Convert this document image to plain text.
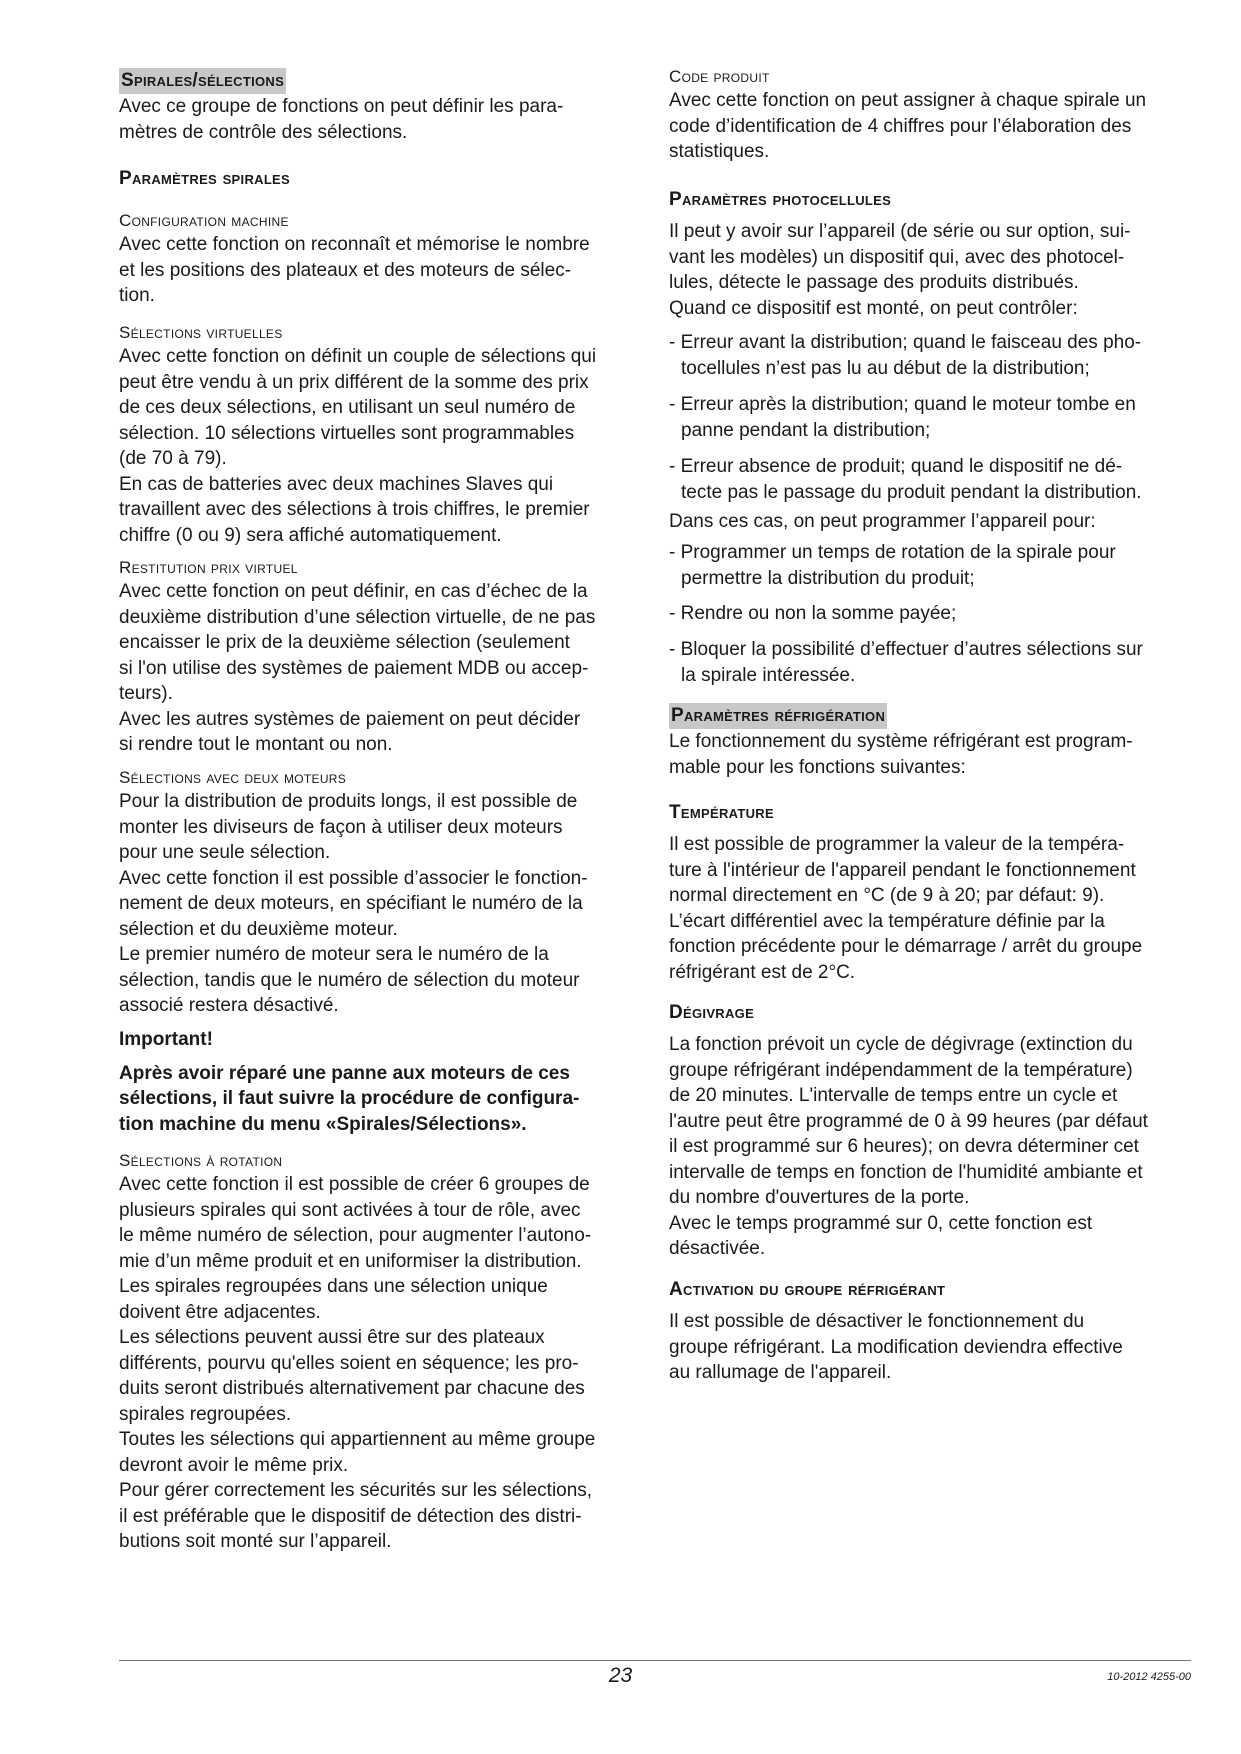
Spirales/sélections

Avec ce groupe de fonctions on peut définir les para-

mètres de contrôle des sélections.

Paramètres spirales
Configuration machine

Avec cette fonction on reconnaît et mémorise le nombre

et les positions des plateaux et des moteurs de sélec-

tion.

Sélections virtuelles

Avec cette fonction on définit un couple de sélections qui

peut être vendu à un prix différent de la somme des prix

de ces deux sélections, en utilisant un seul numéro de

sélection. 10 sélections virtuelles sont programmables

(de 70 à 79).

En cas de batteries avec deux machines Slaves qui

travaillent avec des sélections à trois chiffres, le premier

chiffre (0 ou 9) sera affiché automatiquement.

Restitution prix virtuel

Avec cette fonction on peut définir, en cas d’échec de la

deuxième distribution d’une sélection virtuelle, de ne pas

encaisser le prix de la deuxième sélection (seulement

si l'on utilise des systèmes de paiement MDB ou accep-

teurs).

Avec les autres systèmes de paiement on peut décider

si rendre tout le montant ou non.

Sélections avec deux moteurs

Pour la distribution de produits longs, il est possible de

monter les diviseurs de façon à utiliser deux moteurs

pour une seule sélection.

Avec cette fonction il est possible d’associer le fonction-

nement de deux moteurs, en spécifiant le numéro de la

sélection et du deuxième moteur.

Le premier numéro de moteur sera le numéro de la

sélection, tandis que le numéro de sélection du moteur

associé restera désactivé.

Important!

Après avoir réparé une panne aux moteurs de ces

sélections, il faut suivre la procédure de configura-

tion machine du menu «Spirales/Sélections».

Sélections à rotation

Avec cette fonction il est possible de créer 6 groupes de

plusieurs spirales qui sont activées à tour de rôle, avec

le même numéro de sélection, pour augmenter l’autono-

mie d’un même produit et en uniformiser la distribution.

Les spirales regroupées dans une sélection unique

doivent être adjacentes.

Les sélections peuvent aussi être sur des plateaux

différents, pourvu qu'elles soient en séquence; les pro-

duits seront distribués alternativement par chacune des

spirales regroupées.

Toutes les sélections qui appartiennent au même groupe

devront avoir le même prix.

Pour gérer correctement les sécurités sur les sélections,

il est préférable que le dispositif de détection des distri-

butions soit monté sur l’appareil.

Code produit

Avec cette fonction on peut assigner à chaque spirale un

code d’identification de 4 chiffres pour l’élaboration des

statistiques.

Paramètres photocellules

Il peut y avoir sur l’appareil (de série ou sur option, sui-

vant les modèles) un dispositif qui, avec des photocel-

lules, détecte le passage des produits distribués.

Quand ce dispositif est monté, on peut contrôler:

- Erreur avant la distribution; quand le faisceau des pho-

tocellules n’est pas lu au début de la distribution;

- Erreur après la distribution; quand le moteur tombe en

panne pendant la distribution;

- Erreur absence de produit; quand le dispositif ne dé-

tecte pas le passage du produit pendant la distribution.

Dans ces cas, on peut programmer l’appareil pour:

- Programmer un temps de rotation de la spirale pour

permettre la distribution du produit;

- Rendre ou non la somme payée;

- Bloquer la possibilité d’effectuer d’autres sélections sur

la spirale intéressée.

Paramètres réfrigération

Le fonctionnement du système réfrigérant est program-

mable pour les fonctions suivantes:

Température

Il est possible de programmer la valeur de la tempéra-

ture à l'intérieur de l'appareil pendant le fonctionnement

normal directement en °C (de 9 à 20; par défaut: 9).

L’écart différentiel avec la température définie par la

fonction précédente pour le démarrage / arrêt du groupe

réfrigérant est de 2°C.

Dégivrage

La fonction prévoit un cycle de dégivrage (extinction du

groupe réfrigérant indépendamment de la température)

de 20 minutes. L'intervalle de temps entre un cycle et

l'autre peut être programmé de 0 à 99 heures (par défaut

il est programmé sur 6 heures); on devra déterminer cet

intervalle de temps en fonction de l'humidité ambiante et

du nombre d'ouvertures de la porte.

Avec le temps programmé sur 0, cette fonction est

désactivée.

Activation du groupe réfrigérant

Il est possible de désactiver le fonctionnement du

groupe réfrigérant. La modification deviendra effective

au rallumage de l'appareil.

23	10-2012 4255-00
